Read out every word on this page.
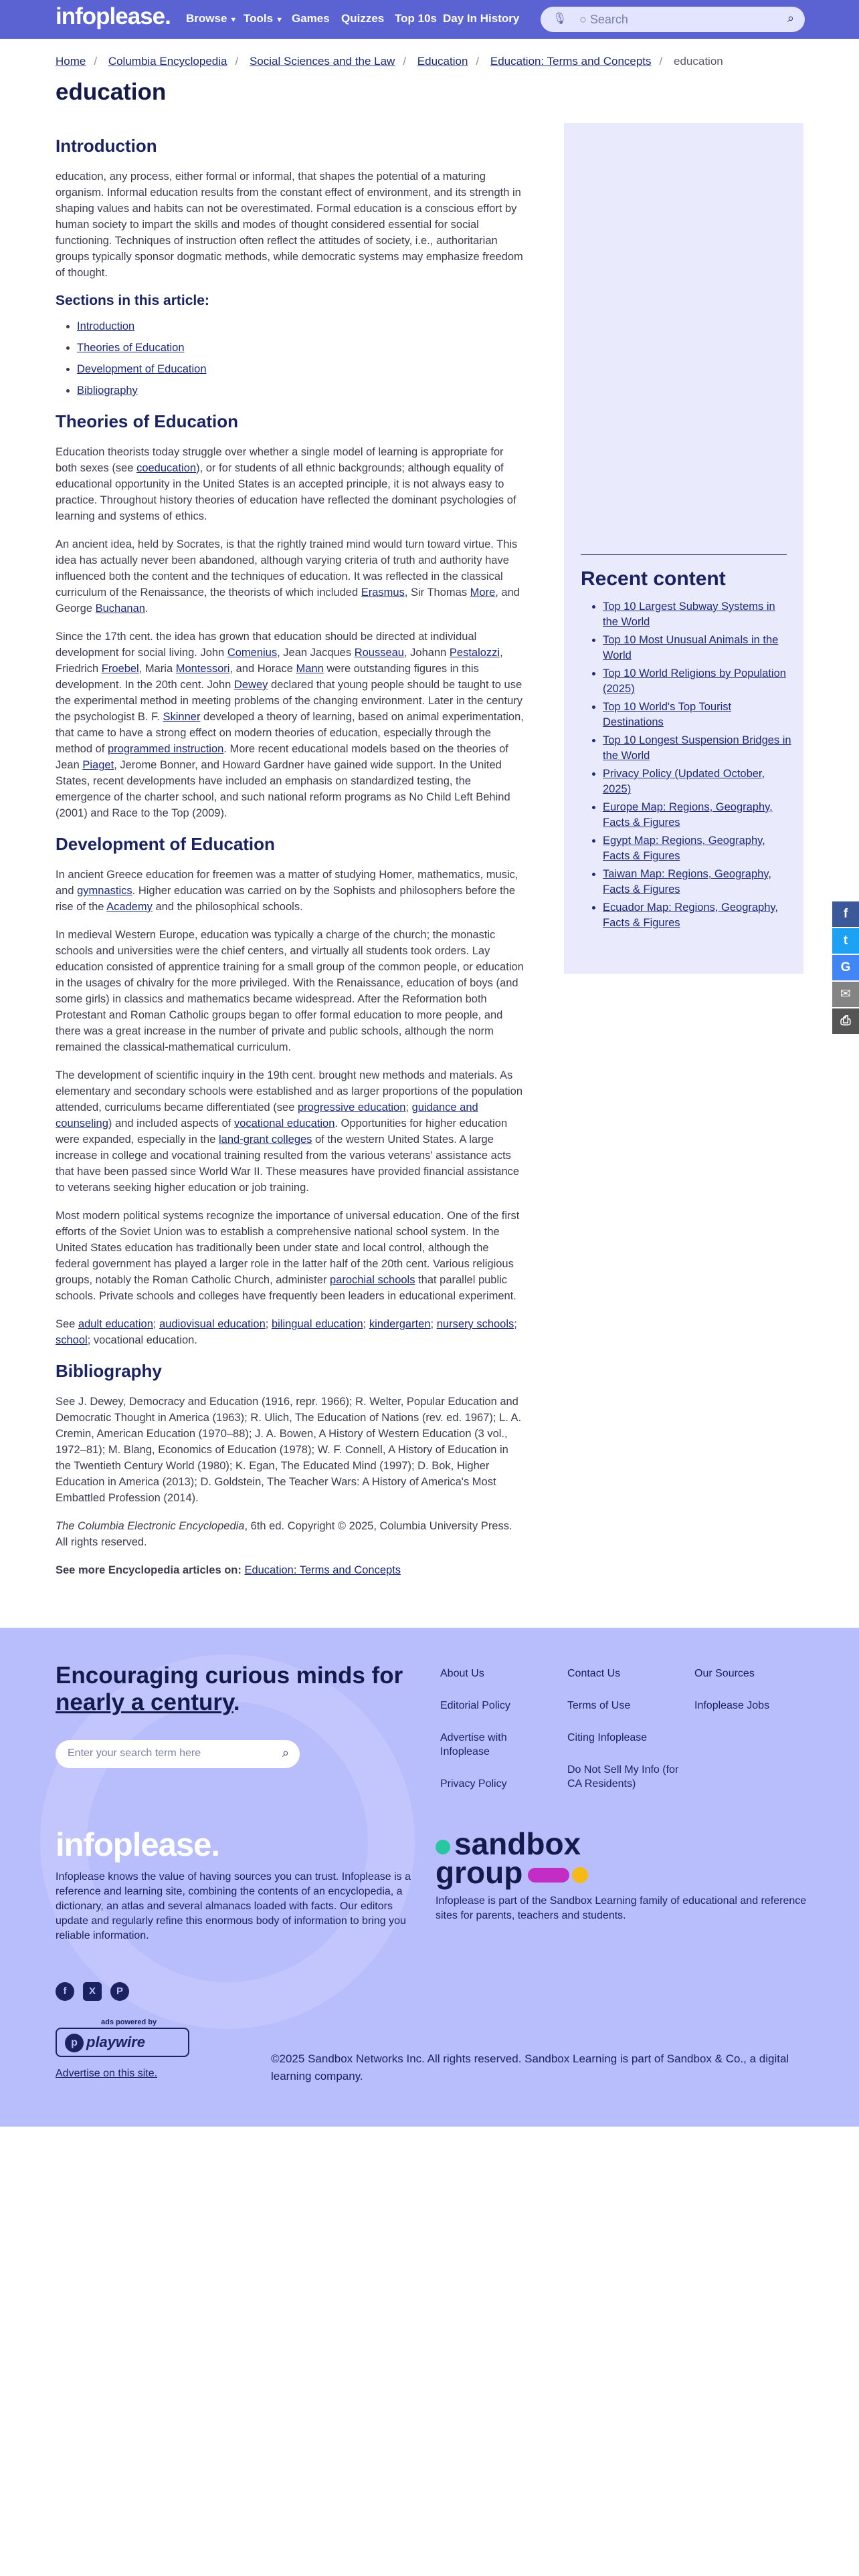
infoplease. Browse ▼ Tools ▼ Games Quizzes Top 10s Day In History	🎙 ○ Search	⌕
Home / Columbia Encyclopedia / Social Sciences and the Law / Education / Education: Terms and Concepts / education
education
Introduction

education, any process, either formal or informal, that shapes the potential of a maturing organism. Informal education results from the constant effect of environment, and its strength in shaping values and habits can not be overestimated. Formal education is a conscious effort by human society to impart the skills and modes of thought considered essential for social functioning. Techniques of instruction often reflect the attitudes of society, i.e., authoritarian groups typically sponsor dogmatic methods, while democratic systems may emphasize freedom of thought.

Sections in this article:
• Introduction
• Theories of Education
• Development of Education
• Bibliography
Theories of Education

Education theorists today struggle over whether a single model of learning is appropriate for both sexes (see coeducation), or for students of all ethnic backgrounds; although equality of educational opportunity in the United States is an accepted principle, it is not always easy to practice. Throughout history theories of education have reflected the dominant psychologies of learning and systems of ethics.

An ancient idea, held by Socrates, is that the rightly trained mind would turn toward virtue. This idea has actually never been abandoned, although varying criteria of truth and authority have influenced both the content and the techniques of education. It was reflected in the classical curriculum of the Renaissance, the theorists of which included Erasmus, Sir Thomas More, and George Buchanan.

Since the 17th cent. the idea has grown that education should be directed at individual development for social living. John Comenius, Jean Jacques Rousseau, Johann Pestalozzi, Friedrich Froebel, Maria Montessori, and Horace Mann were outstanding figures in this development. In the 20th cent. John Dewey declared that young people should be taught to use the experimental method in meeting problems of the changing environment. Later in the century the psychologist B. F. Skinner developed a theory of learning, based on animal experimentation, that came to have a strong effect on modern theories of education, especially through the method of programmed instruction. More recent educational models based on the theories of Jean Piaget, Jerome Bonner, and Howard Gardner have gained wide support. In the United States, recent developments have included an emphasis on standardized testing, the emergence of the charter school, and such national reform programs as No Child Left Behind (2001) and Race to the Top (2009).

Development of Education

In ancient Greece education for freemen was a matter of studying Homer, mathematics, music, and gymnastics. Higher education was carried on by the Sophists and philosophers before the rise of the Academy and the philosophical schools.

In medieval Western Europe, education was typically a charge of the church; the monastic schools and universities were the chief centers, and virtually all students took orders. Lay education consisted of apprentice training for a small group of the common people, or education in the usages of chivalry for the more privileged. With the Renaissance, education of boys (and some girls) in classics and mathematics became widespread. After the Reformation both Protestant and Roman Catholic groups began to offer formal education to more people, and there was a great increase in the number of private and public schools, although the norm remained the classical-mathematical curriculum.

The development of scientific inquiry in the 19th cent. brought new methods and materials. As elementary and secondary schools were established and as larger proportions of the population attended, curriculums became differentiated (see progressive education; guidance and counseling) and included aspects of vocational education. Opportunities for higher education were expanded, especially in the land-grant colleges of the western United States. A large increase in college and vocational training resulted from the various veterans' assistance acts that have been passed since World War II. These measures have provided financial assistance to veterans seeking higher education or job training.

Most modern political systems recognize the importance of universal education. One of the first efforts of the Soviet Union was to establish a comprehensive national school system. In the United States education has traditionally been under state and local control, although the federal government has played a larger role in the latter half of the 20th cent. Various religious groups, notably the Roman Catholic Church, administer parochial schools that parallel public schools. Private schools and colleges have frequently been leaders in educational experiment.

See adult education; audiovisual education; bilingual education; kindergarten; nursery schools; school; vocational education.

Bibliography

See J. Dewey, Democracy and Education (1916, repr. 1966); R. Welter, Popular Education and Democratic Thought in America (1963); R. Ulich, The Education of Nations (rev. ed. 1967); L. A. Cremin, American Education (1970–88); J. A. Bowen, A History of Western Education (3 vol., 1972–81); M. Blang, Economics of Education (1978); W. F. Connell, A History of Education in the Twentieth Century World (1980); K. Egan, The Educated Mind (1997); D. Bok, Higher Education in America (2013); D. Goldstein, The Teacher Wars: A History of America's Most Embattled Profession (2014).

The Columbia Electronic Encyclopedia, 6th ed. Copyright © 2025, Columbia University Press. All rights reserved.

See more Encyclopedia articles on: Education: Terms and Concepts

Recent content
• Top 10 Largest Subway Systems in the World
• Top 10 Most Unusual Animals in the World
• Top 10 World Religions by Population (2025)
• Top 10 World's Top Tourist Destinations
• Top 10 Longest Suspension Bridges in the World
• Privacy Policy (Updated October, 2025)
• Europe Map: Regions, Geography, Facts & Figures
• Egypt Map: Regions, Geography, Facts & Figures
• Taiwan Map: Regions, Geography, Facts & Figures
• Ecuador Map: Regions, Geography, Facts & Figures
f
t
G
✉
⎙
Encouraging curious minds for
nearly a century.
Enter your search term here	⌕
About Us
Editorial Policy
Advertise with Infoplease
Privacy Policy
Contact Us
Terms of Use
Citing Infoplease
Do Not Sell My Info (for CA Residents)
Our Sources
Infoplease Jobs
infoplease.
Infoplease knows the value of having sources you can trust. Infoplease is a reference and learning site, combining the contents of an encyclopedia, a dictionary, an atlas and several almanacs loaded with facts. Our editors update and regularly refine this enormous body of information to bring you reliable information.
sandbox
group
Infoplease is part of the Sandbox Learning family of educational and reference sites for parents, teachers and students.
f	X	P
ads powered by
p playwire
Advertise on this site.
©2025 Sandbox Networks Inc. All rights reserved. Sandbox Learning is part of Sandbox & Co., a digital learning company.
